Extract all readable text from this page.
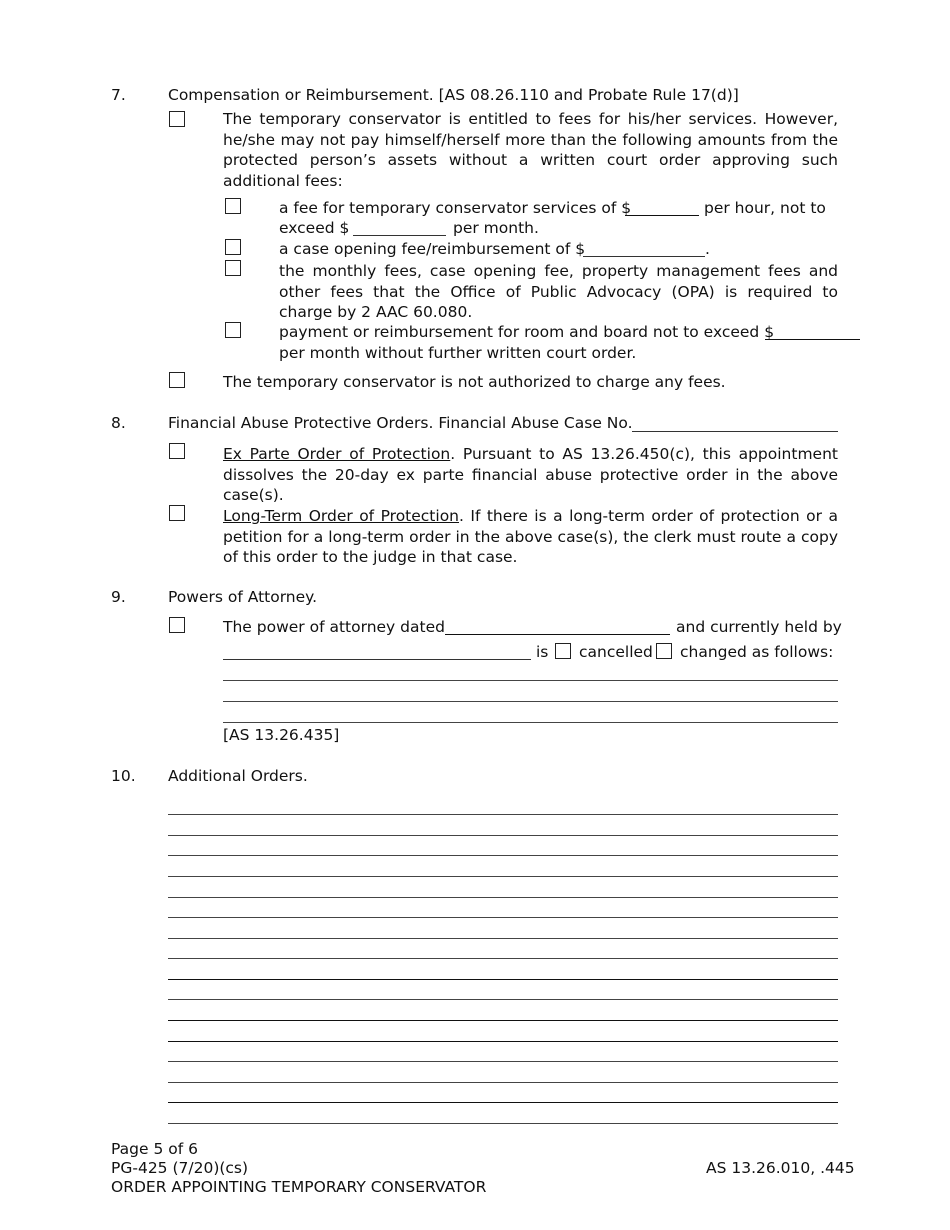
7.	Compensation or Reimbursement. [AS 08.26.110 and Probate Rule 17(d)]
The temporary conservator is entitled to fees for his/her services. However, he/she may not pay himself/herself more than the following amounts from the protected person’s assets without a written court order approving such additional fees:
a fee for temporary conservator services of $	per hour, not to
exceed $	per month.
a case opening fee/reimbursement of $	.
the monthly fees, case opening fee, property management fees and other fees that the Office of Public Advocacy (OPA) is required to charge by 2 AAC 60.080.
payment or reimbursement for room and board not to exceed $
per month without further written court order.
The temporary conservator is not authorized to charge any fees.
8.	Financial Abuse Protective Orders. Financial Abuse Case No.
Ex Parte Order of Protection. Pursuant to AS 13.26.450(c), this appointment dissolves the 20-day ex parte financial abuse protective order in the above case(s).
Long-Term Order of Protection. If there is a long-term order of protection or a petition for a long-term order in the above case(s), the clerk must route a copy of this order to the judge in that case.
9.	Powers of Attorney.
The power of attorney dated	and currently held by
is cancelled changed as follows:
[AS 13.26.435]
10. Additional Orders.
Page 5 of 6
PG-425 (7/20)(cs)
ORDER APPOINTING TEMPORARY CONSERVATOR
AS 13.26.010, .445
